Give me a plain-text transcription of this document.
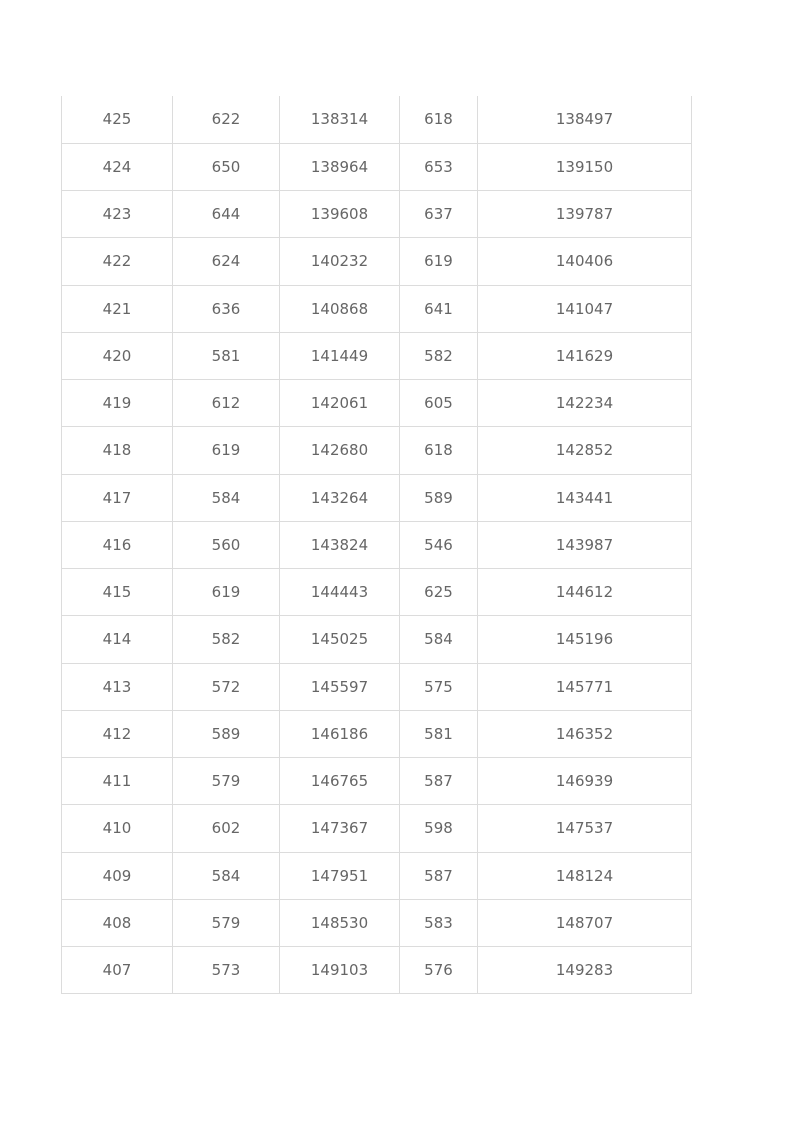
425	622	138314	618	138497
424	650	138964	653	139150
423	644	139608	637	139787
422	624	140232	619	140406
421	636	140868	641	141047
420	581	141449	582	141629
419	612	142061	605	142234
418	619	142680	618	142852
417	584	143264	589	143441
416	560	143824	546	143987
415	619	144443	625	144612
414	582	145025	584	145196
413	572	145597	575	145771
412	589	146186	581	146352
411	579	146765	587	146939
410	602	147367	598	147537
409	584	147951	587	148124
408	579	148530	583	148707
407	573	149103	576	149283
